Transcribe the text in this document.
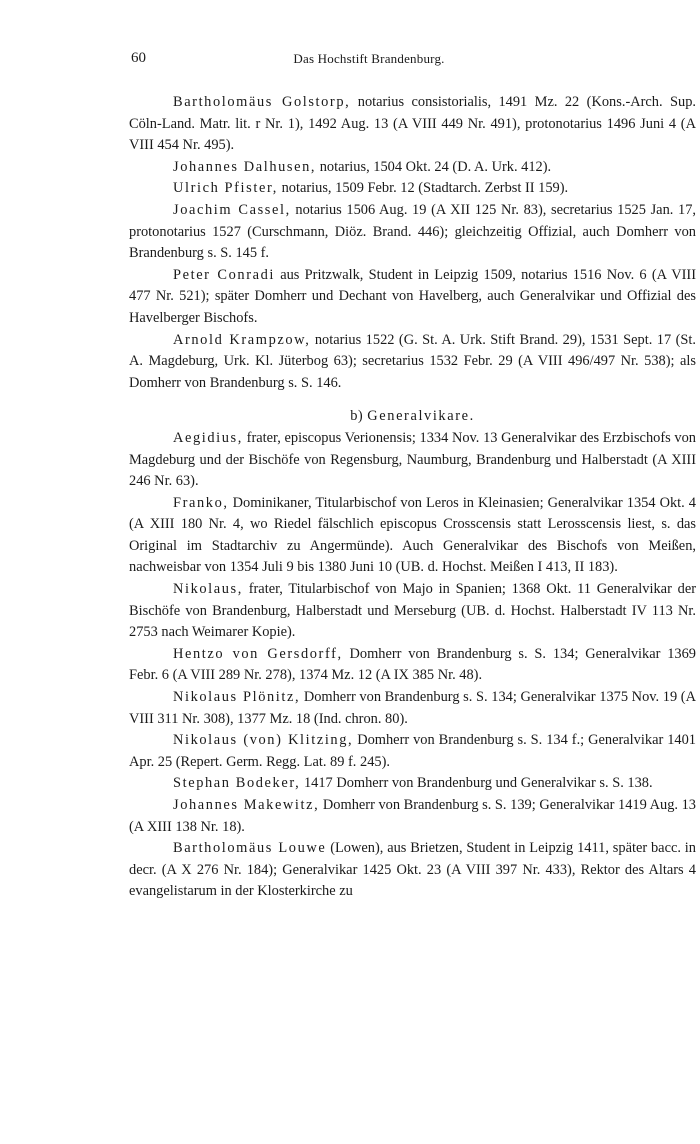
60	Das Hochstift Brandenburg.

Bartholomäus Golstorp, notarius consistorialis, 1491 Mz. 22 (Kons.-Arch. Sup. Cöln-Land. Matr. lit. r Nr. 1), 1492 Aug. 13 (A VIII 449 Nr. 491), protonotarius 1496 Juni 4 (A VIII 454 Nr. 495).

Johannes Dalhusen, notarius, 1504 Okt. 24 (D. A. Urk. 412).

Ulrich Pfister, notarius, 1509 Febr. 12 (Stadtarch. Zerbst II 159).

Joachim Cassel, notarius 1506 Aug. 19 (A XII 125 Nr. 83), secretarius 1525 Jan. 17, protonotarius 1527 (Curschmann, Diöz. Brand. 446); gleichzeitig Offizial, auch Domherr von Brandenburg s. S. 145 f.

Peter Conradi aus Pritzwalk, Student in Leipzig 1509, notarius 1516 Nov. 6 (A VIII 477 Nr. 521); später Domherr und Dechant von Havelberg, auch Generalvikar und Offizial des Havelberger Bischofs.

Arnold Krampzow, notarius 1522 (G. St. A. Urk. Stift Brand. 29), 1531 Sept. 17 (St. A. Magdeburg, Urk. Kl. Jüterbog 63); secretarius 1532 Febr. 29 (A VIII 496/497 Nr. 538); als Domherr von Brandenburg s. S. 146.

b) Generalvikare.

Aegidius, frater, episcopus Verionensis; 1334 Nov. 13 Generalvikar des Erzbischofs von Magdeburg und der Bischöfe von Regensburg, Naumburg, Brandenburg und Halberstadt (A XIII 246 Nr. 63).

Franko, Dominikaner, Titularbischof von Leros in Kleinasien; Generalvikar 1354 Okt. 4 (A XIII 180 Nr. 4, wo Riedel fälschlich episcopus Crosscensis statt Lerosscensis liest, s. das Original im Stadtarchiv zu Angermünde). Auch Generalvikar des Bischofs von Meißen, nachweisbar von 1354 Juli 9 bis 1380 Juni 10 (UB. d. Hochst. Meißen I 413, II 183).

Nikolaus, frater, Titularbischof von Majo in Spanien; 1368 Okt. 11 Generalvikar der Bischöfe von Brandenburg, Halberstadt und Merseburg (UB. d. Hochst. Halberstadt IV 113 Nr. 2753 nach Weimarer Kopie).

Hentzo von Gersdorff, Domherr von Brandenburg s. S. 134; Generalvikar 1369 Febr. 6 (A VIII 289 Nr. 278), 1374 Mz. 12 (A IX 385 Nr. 48).

Nikolaus Plönitz, Domherr von Brandenburg s. S. 134; Generalvikar 1375 Nov. 19 (A VIII 311 Nr. 308), 1377 Mz. 18 (Ind. chron. 80).

Nikolaus (von) Klitzing, Domherr von Brandenburg s. S. 134 f.; Generalvikar 1401 Apr. 25 (Repert. Germ. Regg. Lat. 89 f. 245).

Stephan Bodeker, 1417 Domherr von Brandenburg und Generalvikar s. S. 138.

Johannes Makewitz, Domherr von Brandenburg s. S. 139; Generalvikar 1419 Aug. 13 (A XIII 138 Nr. 18).

Bartholomäus Louwe (Lowen), aus Brietzen, Student in Leipzig 1411, später bacc. in decr. (A X 276 Nr. 184); Generalvikar 1425 Okt. 23 (A VIII 397 Nr. 433), Rektor des Altars 4 evangelistarum in der Klosterkirche zu
